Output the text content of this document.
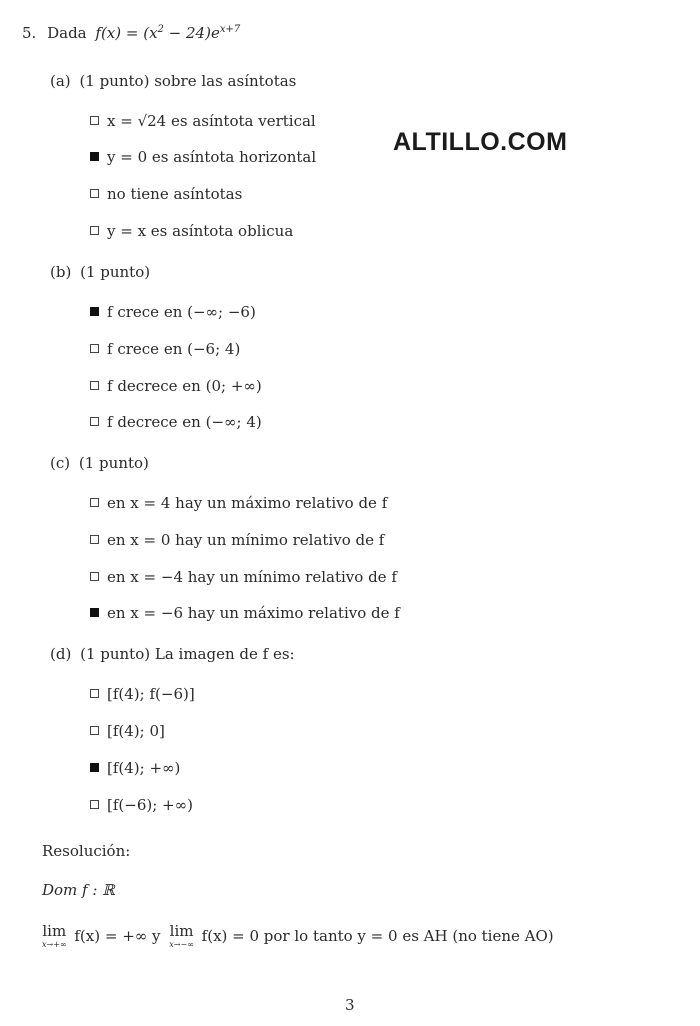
5. Dada $f(x) = (x^2 - 24)e^{x+7}$
ALTILLO.COM
(a) (1 punto) sobre las asíntotas
x = √24 es asíntota vertical
y = 0 es asíntota horizontal
no tiene asíntotas
y = x es asíntota oblicua
(b) (1 punto)
f crece en (−∞; −6)
f crece en (−6; 4)
f decrece en (0; +∞)
f decrece en (−∞; 4)
(c) (1 punto)
en x = 4 hay un máximo relativo de f
en x = 0 hay un mínimo relativo de f
en x = −4 hay un mínimo relativo de f
en x = −6 hay un máximo relativo de f
(d) (1 punto) La imagen de f es:
[f(4); f(−6)]
[f(4); 0]
[f(4); +∞)
[f(−6); +∞)
Resolución:
Dom f : ℝ
lim
x→+∞ f(x) = +∞ y lim
x→−∞ f(x) = 0 por lo tanto y = 0 es AH (no tiene AO)
3
